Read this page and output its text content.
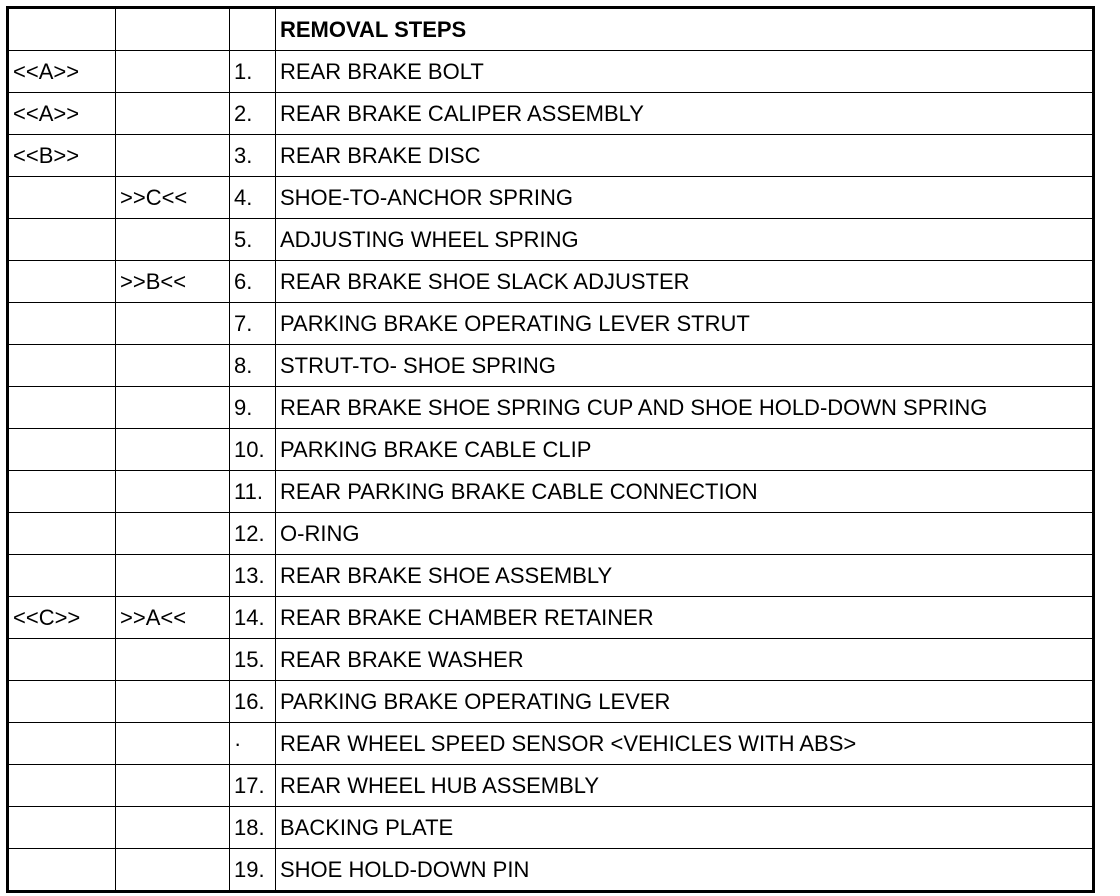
			REMOVAL STEPS
<<A>>		1.	REAR BRAKE BOLT
<<A>>		2.	REAR BRAKE CALIPER ASSEMBLY
<<B>>		3.	REAR BRAKE DISC
	>>C<<	4.	SHOE-TO-ANCHOR SPRING
		5.	ADJUSTING WHEEL SPRING
	>>B<<	6.	REAR BRAKE SHOE SLACK ADJUSTER
		7.	PARKING BRAKE OPERATING LEVER STRUT
		8.	STRUT-TO- SHOE SPRING
		9.	REAR BRAKE SHOE SPRING CUP AND SHOE HOLD-DOWN SPRING
		10.	PARKING BRAKE CABLE CLIP
		11.	REAR PARKING BRAKE CABLE CONNECTION
		12.	O-RING
		13.	REAR BRAKE SHOE ASSEMBLY
<<C>>	>>A<<	14.	REAR BRAKE CHAMBER RETAINER
		15.	REAR BRAKE WASHER
		16.	PARKING BRAKE OPERATING LEVER
		·	REAR WHEEL SPEED SENSOR <VEHICLES WITH ABS>
		17.	REAR WHEEL HUB ASSEMBLY
		18.	BACKING PLATE
		19.	SHOE HOLD-DOWN PIN
